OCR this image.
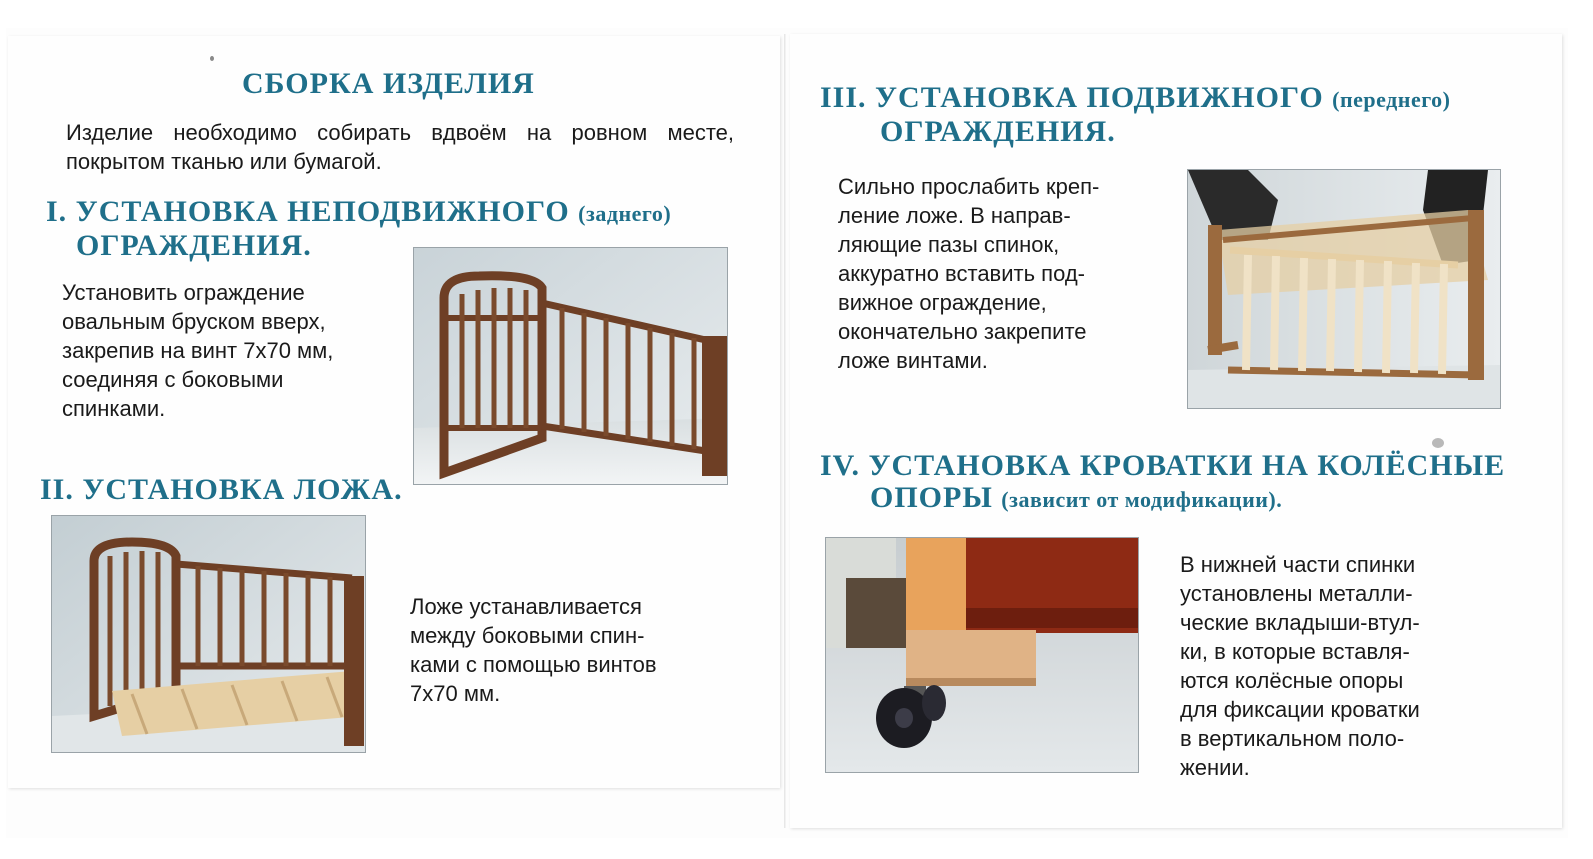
СБОРКА ИЗДЕЛИЯ

Изделие необходимо собирать вдвоём на ровном месте, покрытом тканью или бумагой.

I. УСТАНОВКА НЕПОДВИЖНОГО (заднего)
ОГРАЖДЕНИЯ.

Установить ограждение
овальным бруском вверх,
закрепив на винт 7х70 мм,
соединяя с боковыми
спинками.

II. УСТАНОВКА ЛОЖА.

Ложе устанавливается
между боковыми спин-
ками с помощью винтов
7х70 мм.

III. УСТАНОВКА ПОДВИЖНОГО (переднего)
ОГРАЖДЕНИЯ.

Сильно прослабить креп-
ление ложе. В направ-
ляющие пазы спинок,
аккуратно вставить под-
вижное ограждение,
окончательно закрепите
ложе винтами.

IV. УСТАНОВКА КРОВАТКИ НА КОЛЁСНЫЕ
ОПОРЫ (зависит от модификации).

В нижней части спинки
установлены металли-
ческие вкладыши-втул-
ки, в которые вставля-
ются колёсные опоры
для фиксации кроватки
в вертикальном поло-
жении.
